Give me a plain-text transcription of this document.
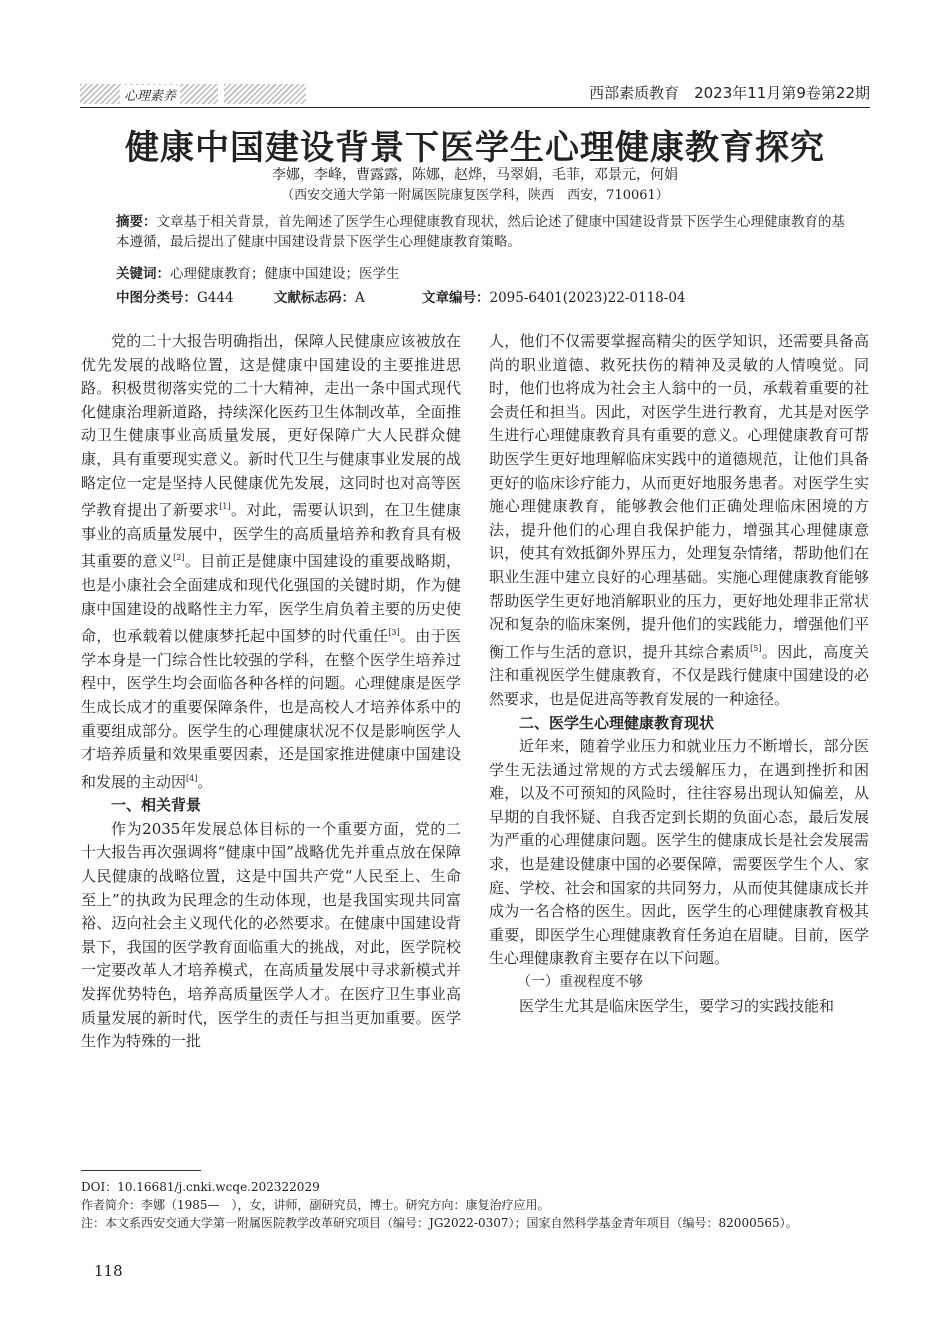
心理素养	西部素质教育　2023年11月第9卷第22期
健康中国建设背景下医学生心理健康教育探究
李娜，李峰，曹露露，陈娜，赵烨，马翠娟，毛菲，邓景元，何娟
（西安交通大学第一附属医院康复医学科，陕西　西安，710061）
摘要：文章基于相关背景，首先阐述了医学生心理健康教育现状，然后论述了健康中国建设背景下医学生心理健康教育的基本遵循，最后提出了健康中国建设背景下医学生心理健康教育策略。
关键词：心理健康教育；健康中国建设；医学生
中图分类号：G444	文献标志码：A	文章编号：2095-6401(2023)22-0118-04

党的二十大报告明确指出，保障人民健康应该被放在优先发展的战略位置，这是健康中国建设的主要推进思路。积极贯彻落实党的二十大精神，走出一条中国式现代化健康治理新道路，持续深化医药卫生体制改革，全面推动卫生健康事业高质量发展，更好保障广大人民群众健康，具有重要现实意义。新时代卫生与健康事业发展的战略定位一定是坚持人民健康优先发展，这同时也对高等医学教育提出了新要求[1]。对此，需要认识到，在卫生健康事业的高质量发展中，医学生的高质量培养和教育具有极其重要的意义[2]。目前正是健康中国建设的重要战略期，也是小康社会全面建成和现代化强国的关键时期，作为健康中国建设的战略性主力军，医学生肩负着主要的历史使命，也承载着以健康梦托起中国梦的时代重任[3]。由于医学本身是一门综合性比较强的学科，在整个医学生培养过程中，医学生均会面临各种各样的问题。心理健康是医学生成长成才的重要保障条件，也是高校人才培养体系中的重要组成部分。医学生的心理健康状况不仅是影响医学人才培养质量和效果重要因素，还是国家推进健康中国建设和发展的主动因[4]。

一、相关背景

作为2035年发展总体目标的一个重要方面，党的二十大报告再次强调将“健康中国”战略优先并重点放在保障人民健康的战略位置，这是中国共产党“人民至上、生命至上”的执政为民理念的生动体现，也是我国实现共同富裕、迈向社会主义现代化的必然要求。在健康中国建设背景下，我国的医学教育面临重大的挑战，对此，医学院校一定要改革人才培养模式，在高质量发展中寻求新模式并发挥优势特色，培养高质量医学人才。在医疗卫生事业高质量发展的新时代，医学生的责任与担当更加重要。医学生作为特殊的一批

人，他们不仅需要掌握高精尖的医学知识，还需要具备高尚的职业道德、救死扶伤的精神及灵敏的人情嗅觉。同时，他们也将成为社会主人翁中的一员，承载着重要的社会责任和担当。因此，对医学生进行教育，尤其是对医学生进行心理健康教育具有重要的意义。心理健康教育可帮助医学生更好地理解临床实践中的道德规范，让他们具备更好的临床诊疗能力，从而更好地服务患者。对医学生实施心理健康教育，能够教会他们正确处理临床困境的方法，提升他们的心理自我保护能力，增强其心理健康意识，使其有效抵御外界压力，处理复杂情绪，帮助他们在职业生涯中建立良好的心理基础。实施心理健康教育能够帮助医学生更好地消解职业的压力，更好地处理非正常状况和复杂的临床案例，提升他们的实践能力，增强他们平衡工作与生活的意识，提升其综合素质[5]。因此，高度关注和重视医学生健康教育，不仅是践行健康中国建设的必然要求，也是促进高等教育发展的一种途径。

二、医学生心理健康教育现状

近年来，随着学业压力和就业压力不断增长，部分医学生无法通过常规的方式去缓解压力，在遇到挫折和困难，以及不可预知的风险时，往往容易出现认知偏差，从早期的自我怀疑、自我否定到长期的负面心态，最后发展为严重的心理健康问题。医学生的健康成长是社会发展需求，也是建设健康中国的必要保障，需要医学生个人、家庭、学校、社会和国家的共同努力，从而使其健康成长并成为一名合格的医生。因此，医学生的心理健康教育极其重要，即医学生心理健康教育任务迫在眉睫。目前，医学生心理健康教育主要存在以下问题。

（一）重视程度不够

医学生尤其是临床医学生，要学习的实践技能和

DOI：10.16681/j.cnki.wcqe.202322029
作者简介：李娜（1985—　），女，讲师，副研究员，博士。研究方向：康复治疗应用。
注：本文系西安交通大学第一附属医院教学改革研究项目（编号：JG2022-0307）；国家自然科学基金青年项目（编号：82000565）。
118
